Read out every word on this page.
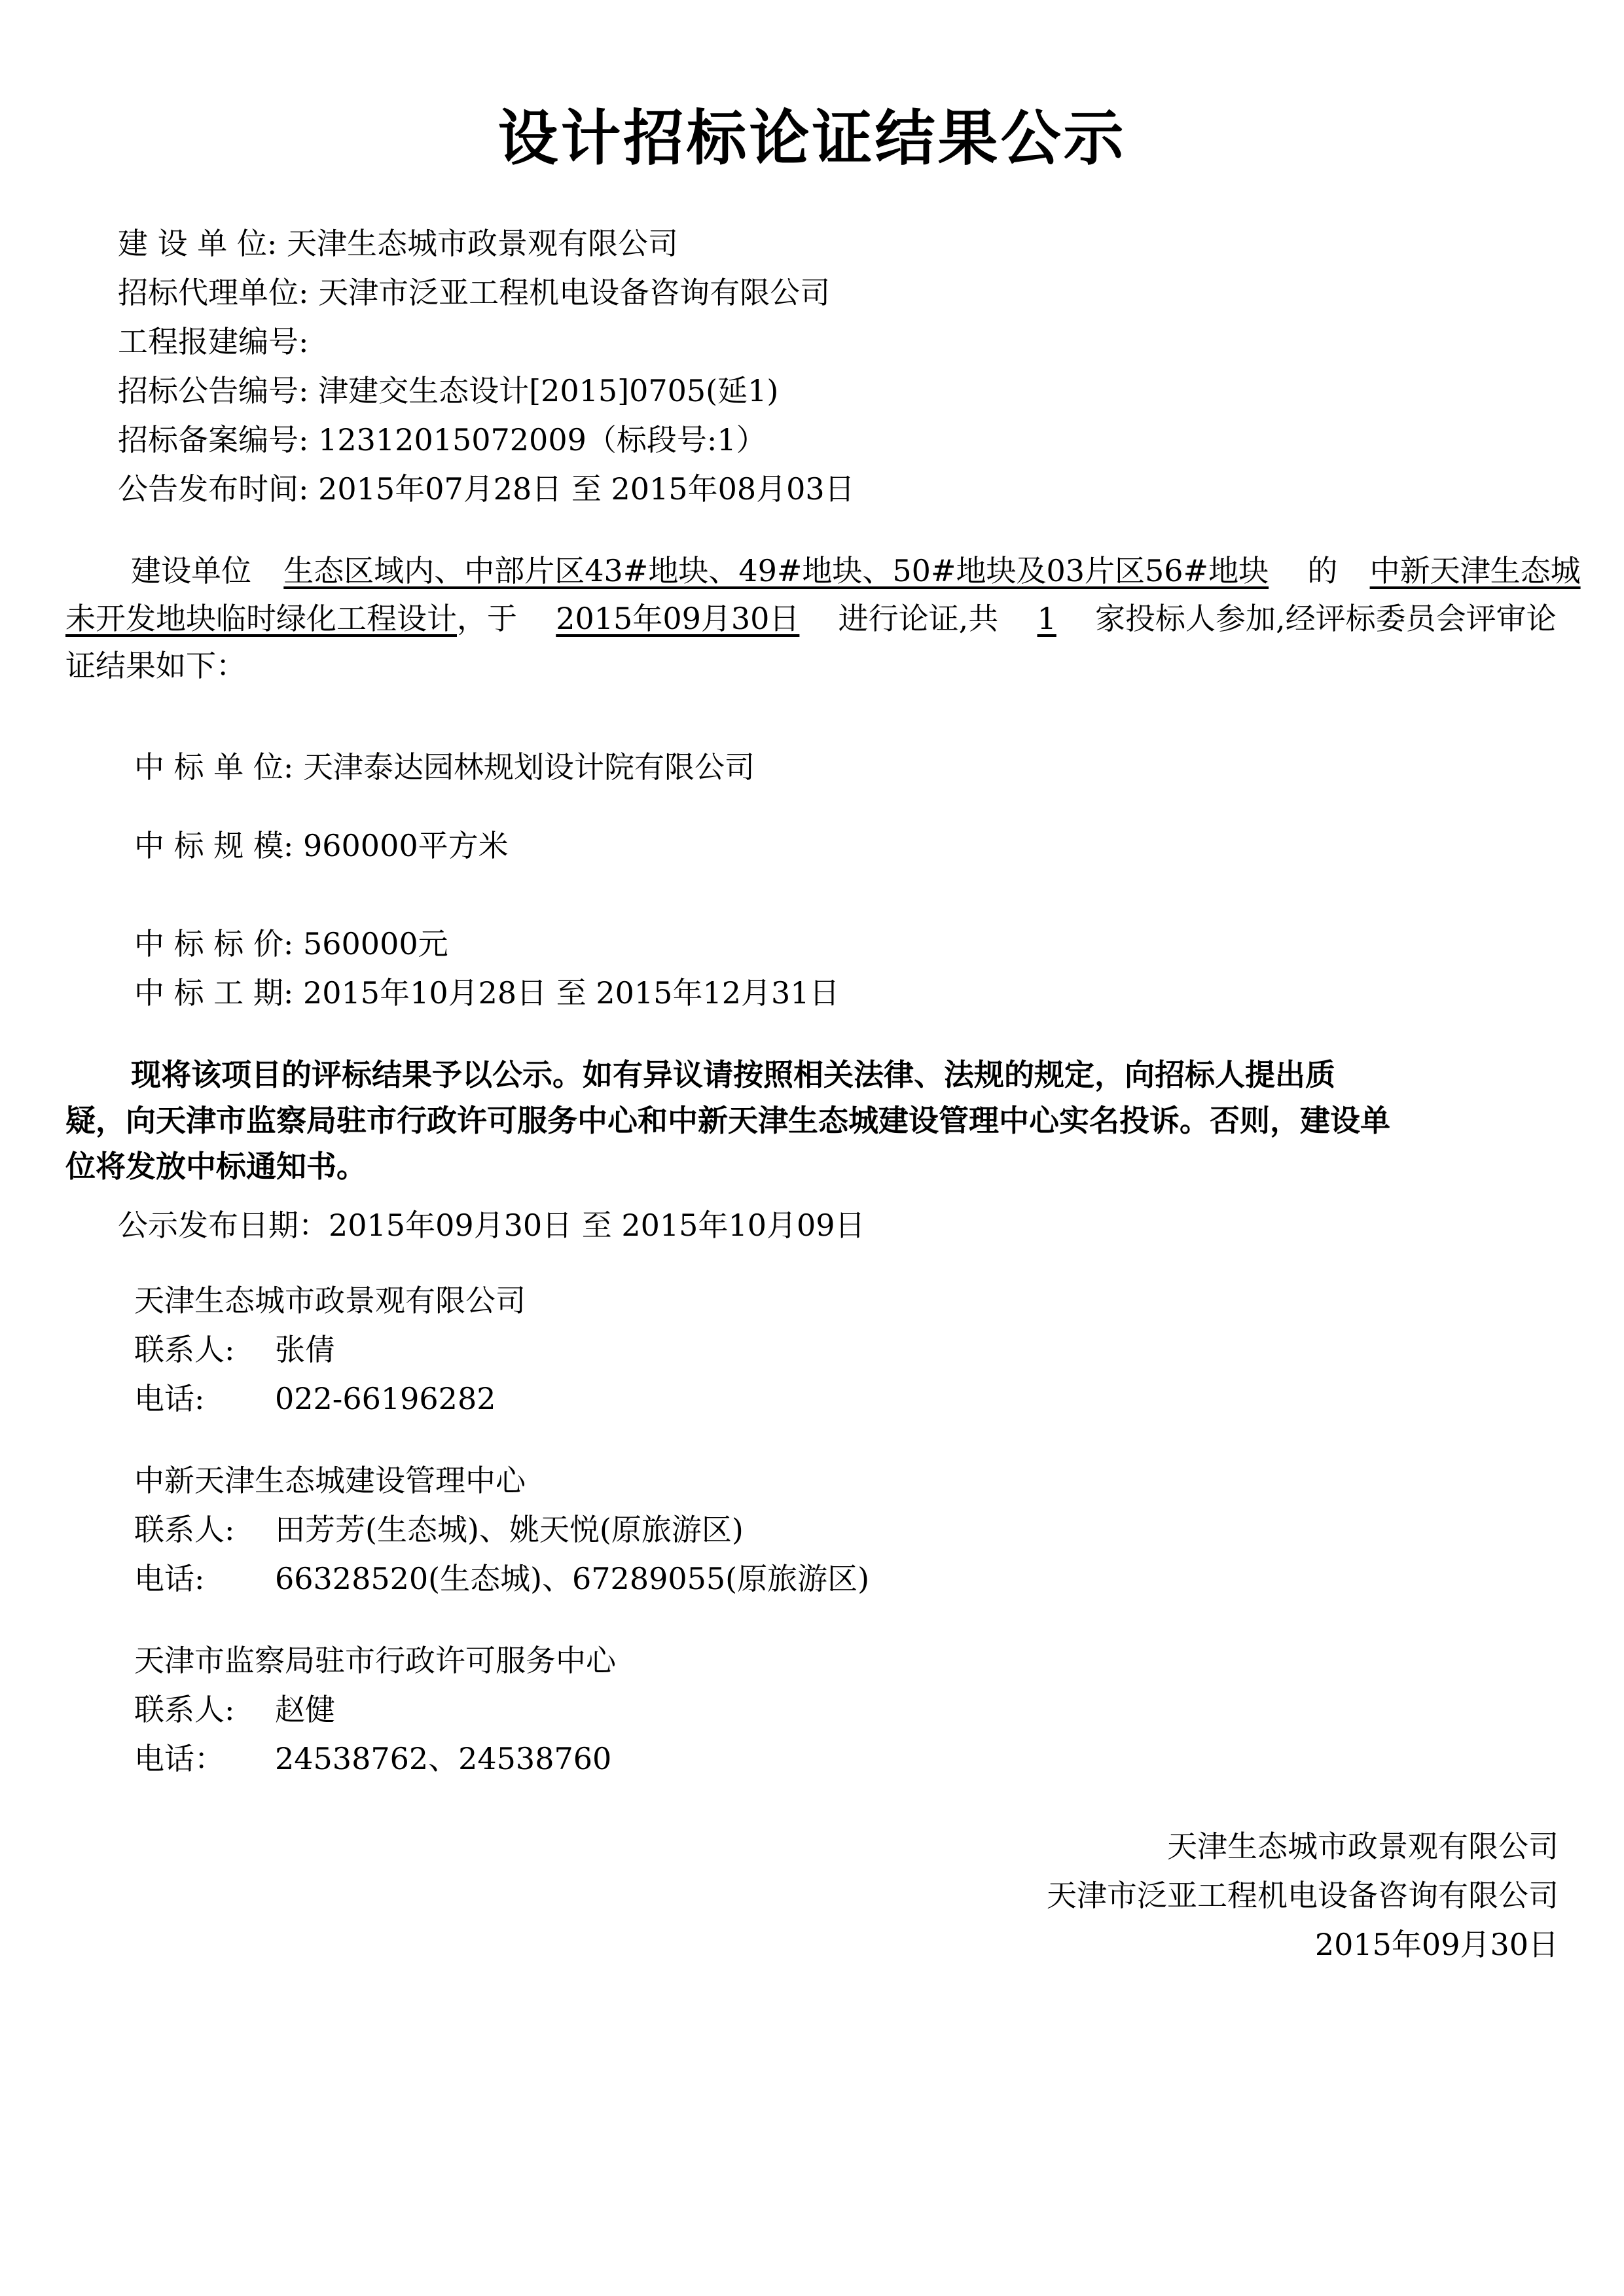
设计招标论证结果公示
建 设 单 位: 天津生态城市政景观有限公司
招标代理单位: 天津市泛亚工程机电设备咨询有限公司
工程报建编号:
招标公告编号: 津建交生态设计[2015]0705(延1)
招标备案编号: 12312015072009（标段号:1）
公告发布时间: 2015年07月28日 至 2015年08月03日
建设单位 生态区域内、中部片区43#地块、49#地块、50#地块及03片区56#地块 的 中新天津生态城
未开发地块临时绿化工程设计，于 2015年09月30日 进行论证,共 1 家投标人参加,经评标委员会评审论
证结果如下：
中 标 单 位: 天津泰达园林规划设计院有限公司
中 标 规 模: 960000平方米
中 标 标 价: 560000元
中 标 工 期: 2015年10月28日 至 2015年12月31日
现将该项目的评标结果予以公示。如有异议请按照相关法律、法规的规定，向招标人提出质
疑，向天津市监察局驻市行政许可服务中心和中新天津生态城建设管理中心实名投诉。否则，建设单
位将发放中标通知书。
公示发布日期：2015年09月30日 至 2015年10月09日
天津生态城市政景观有限公司
联系人: 张倩
电话: 022-66196282
中新天津生态城建设管理中心
联系人: 田芳芳(生态城)、姚天悦(原旅游区)
电话: 66328520(生态城)、67289055(原旅游区)
天津市监察局驻市行政许可服务中心
联系人: 赵健
电话： 24538762、24538760
天津生态城市政景观有限公司
天津市泛亚工程机电设备咨询有限公司
2015年09月30日
